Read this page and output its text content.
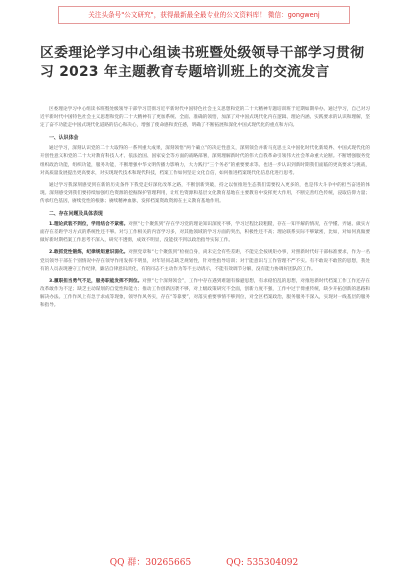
关注头条号"公文研究"，获得最新最全最专业的公文资料库！ 微信：gongwenj
区委理论学习中心组读书班暨处级领导干部学习贯彻
习 2023 年主题教育专题培训班上的交流发言
区委理论学习中心组读书班暨处级领导干部学习贯彻习近平新时代中国特色社会主义思想和党的二十大精神专题培训班于近期如期举办。通过学习，自己对习近平新时代中国特色社会主义思想和党的二十大精神有了更加系统、全面、准确的领悟，加深了对中国式现代化内在逻辑、理论内涵、实践要求的认识和理解，坚定了奋不功能走中国式现代化道路的信心和决心，增强了使命感和责任感，明确了不断拓展和深化中国式现代化的重点和方向。
一、认识体会
通过学习，深刻认识党的二十大取得的一系列重大成果，深刻领悟“两个确立”的决定性意义，深刻领会并新马克思主义中国化时代化新境界、中国式现代化的开创性意义和党的二十大对教育科技人才、依法治国、国家安全等方面的战略部署，深刻理解新时代的伟大自我革命引领伟大社会革命重大论断。不断增强服务党组织政治功能，组织功能，服务功能，不断增强中华文明传播力影响力，大力践行“三个务必”的重要要求等。也进一步认识到新时期我们面临的更高要求与挑战，对高质量发展提出更高要求，对实现现代技术和现代科技，档案工作如何坚定文化自信，如何推进档案现代化信息化进行思考。
通过学习我深刻感受到在新的历史条件下我党走好深化改革之路，不断创新突破，持之以恒推进生态我们需要投入更多的，也是伟大斗争中的担当奋进的体现。深刻感受到我们要持续加强红色资源的挖掘保护管理利用，让红色资源和基层文化教育基地在主要教育中发挥更大作用，不断完善红色传统，浸取信仰力量；传承红色基因，赓续党性的根脉；赓续精神血脉，发挥档案资政资源在主义教育基地作用。
二、存在问题及具体表现
1.理论武装不到位，学用结合不紧密。对照“七个聚焦到”存在学习党的理论知识深度不够，学习过程比较粗糙，存在一知半解的情况，在学懂、弄通、做实方面存在差距学习方式的系统性还不够。对与工作相关的内容学习多，对其他领域的学习方面的突出，积极性还不高；理论联系实际不够紧密，比如，对如何真做要做好新时期档案工作思考不深入，研究不透彻，成效不明显，没能找不到以政治指导实际工作。
2.敢抓党性锻炼，纪律规矩意识弱化。对照党章和“七个聚焦到”检视自身，尚未完全有些差距，不能完全按规矩办事，对照新时代好干部标准要求，作为一名党员领导干部在个别情况中存在领导作用发挥不明显，对年轻同志缺乏规划性，针对性指导培训；对于能意识与工作管理不严不实。有不敢说不敢管的思想，我处有的人员表现遵守工作纪律，廉洁自律意识淡化，有的同志不主动作为等不主动请示，不能有效调节分解，没有能力协调好团队的工作。
3.履职担当勇气不足，服务职能发挥不到位。对照“七个深刻领会”，工作中存在遇到难题有躲避思想，有求稳怕乱的思想，对推进新时代档案工作工作还存在改革敢作为不足；缺乏主动谋划的自觉性和能力；推动工作创新因袭不够，对上级政策研究不全面，创新力度不强，工作中过于倚重传统，缺少开拓创新的思路和解决办法。工作作风上有急于求成等现象，领导作风务实，存在“等靠要”，对落实重要事情不够到位，对全区档案政治，服务服务不深入，实现对一线基层的服务和指导。
QQ 群：30265665	QQ: 535304092
